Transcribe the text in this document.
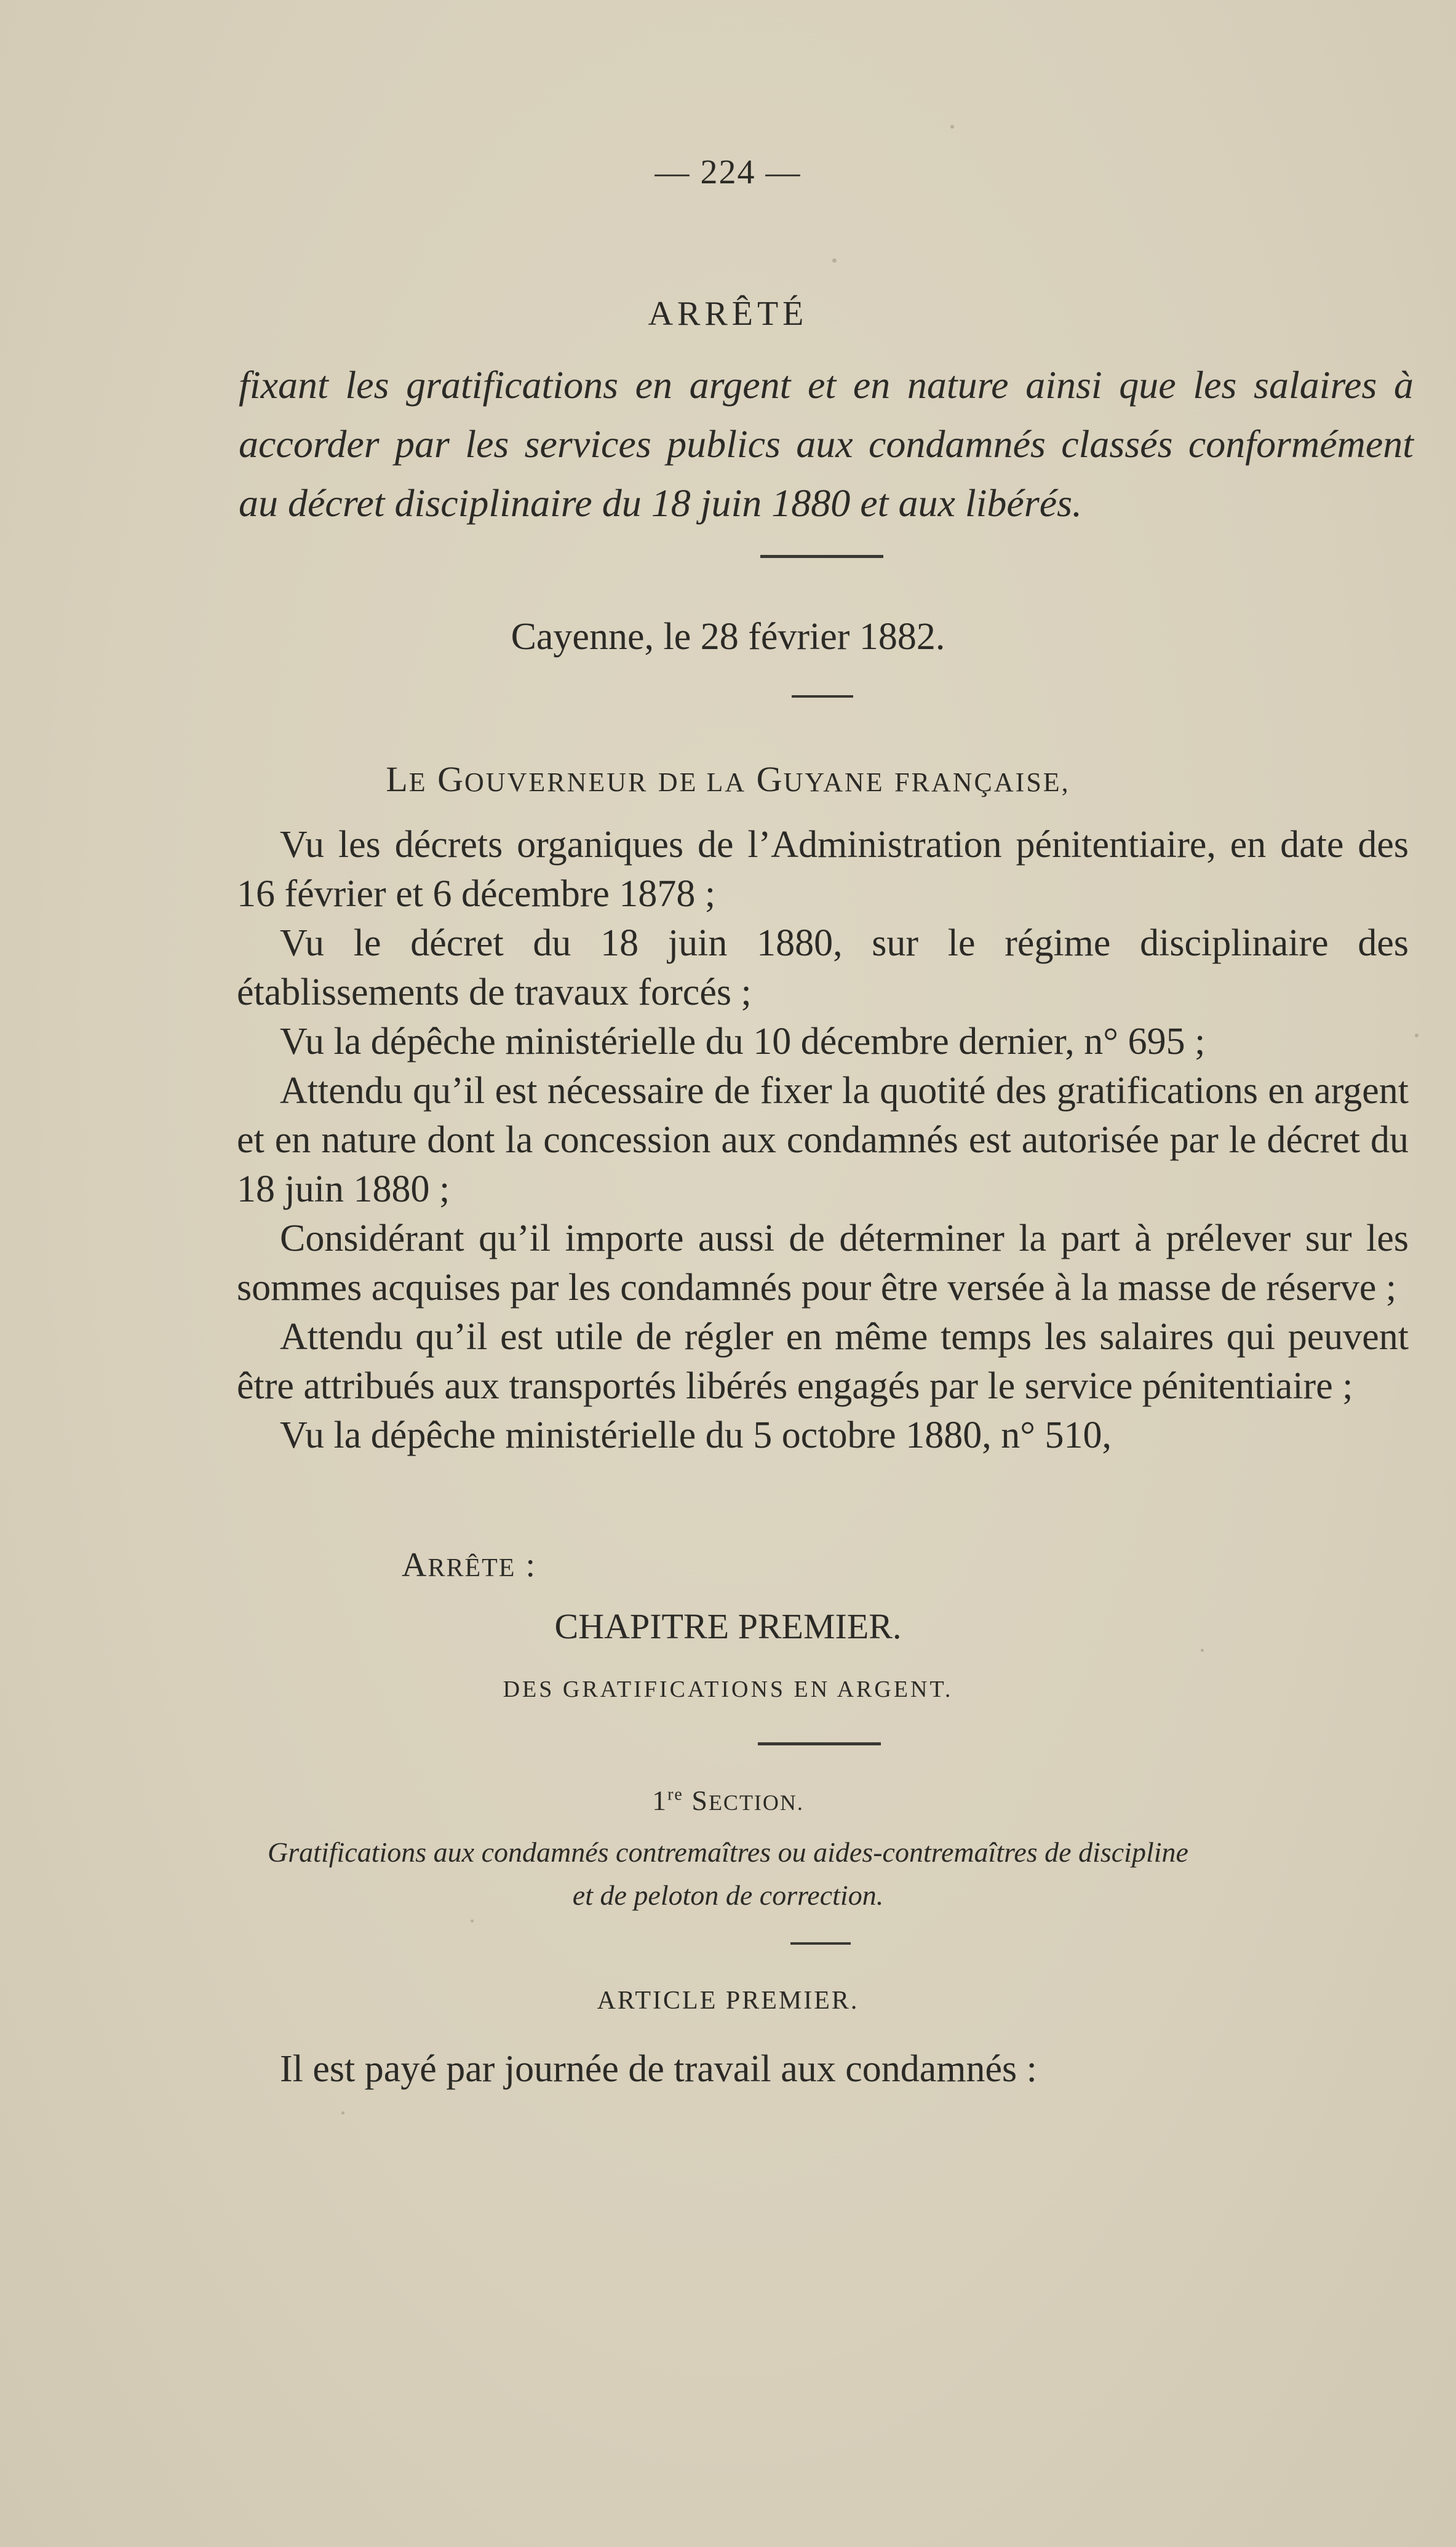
— 224 —
ARRÊTÉ
fixant les gratifications en argent et en nature ainsi que les salaires à accorder par les services publics aux condamnés classés conformément au décret disciplinaire du 18 juin 1880 et aux libérés.
Cayenne, le 28 février 1882.
LE GOUVERNEUR DE LA GUYANE FRANÇAISE,

Vu les décrets organiques de l’Administration pénitentiaire, en date des 16 février et 6 décembre 1878 ;

Vu le décret du 18 juin 1880, sur le régime disciplinaire des établissements de travaux forcés ;

Vu la dépêche ministérielle du 10 décembre dernier, n° 695 ;

Attendu qu’il est nécessaire de fixer la quotité des gratifications en argent et en nature dont la concession aux condamnés est autorisée par le décret du 18 juin 1880 ;

Considérant qu’il importe aussi de déterminer la part à prélever sur les sommes acquises par les condamnés pour être versée à la masse de réserve ;

Attendu qu’il est utile de régler en même temps les salaires qui peuvent être attribués aux transportés libérés engagés par le service pénitentiaire ;

Vu la dépêche ministérielle du 5 octobre 1880, n° 510,

ARRÊTE :
CHAPITRE PREMIER.
DES GRATIFICATIONS EN ARGENT.
1re SECTION.
Gratifications aux condamnés contremaîtres ou aides-contremaîtres de discipline
et de peloton de correction.
ARTICLE PREMIER.
Il est payé par journée de travail aux condamnés :
